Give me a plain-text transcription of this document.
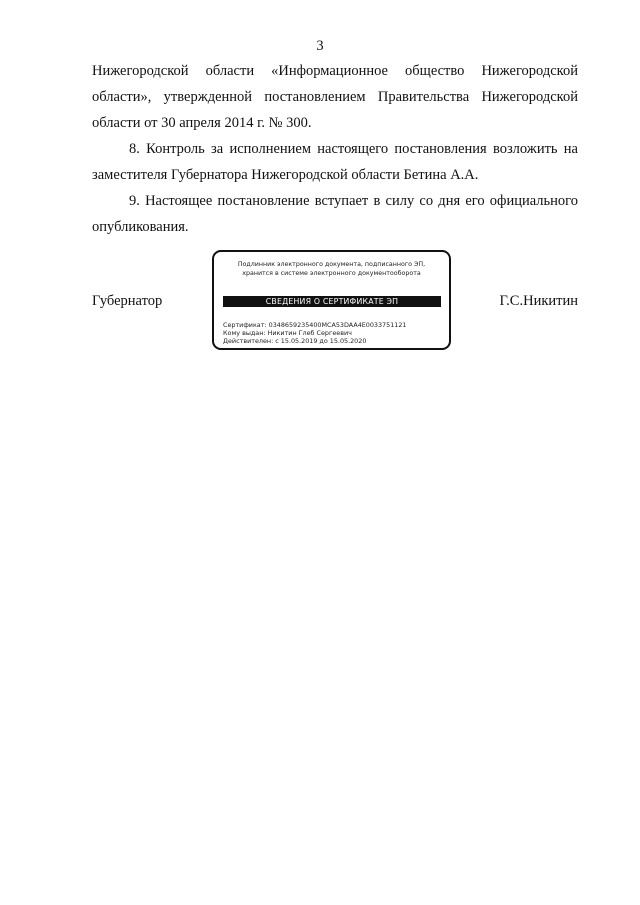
3
Нижегородской области «Информационное общество Нижегородской
области», утвержденной постановлением Правительства Нижегородской
области от 30 апреля 2014 г. № 300.
8. Контроль за исполнением настоящего постановления возложить на заместителя Губернатора Нижегородской области Бетина А.А.
9. Настоящее постановление вступает в силу со дня его официального опубликования.
Губернатор
Подлинник электронного документа, подписанного ЭП,
хранится в системе электронного документооборота
СВЕДЕНИЯ О СЕРТИФИКАТЕ ЭП
Сертификат: 0348659235400МСА53DAA4E0033751121
Кому выдан: Никитин Глеб Сергеевич
Действителен: с 15.05.2019 до 15.05.2020
Г.С.Никитин
